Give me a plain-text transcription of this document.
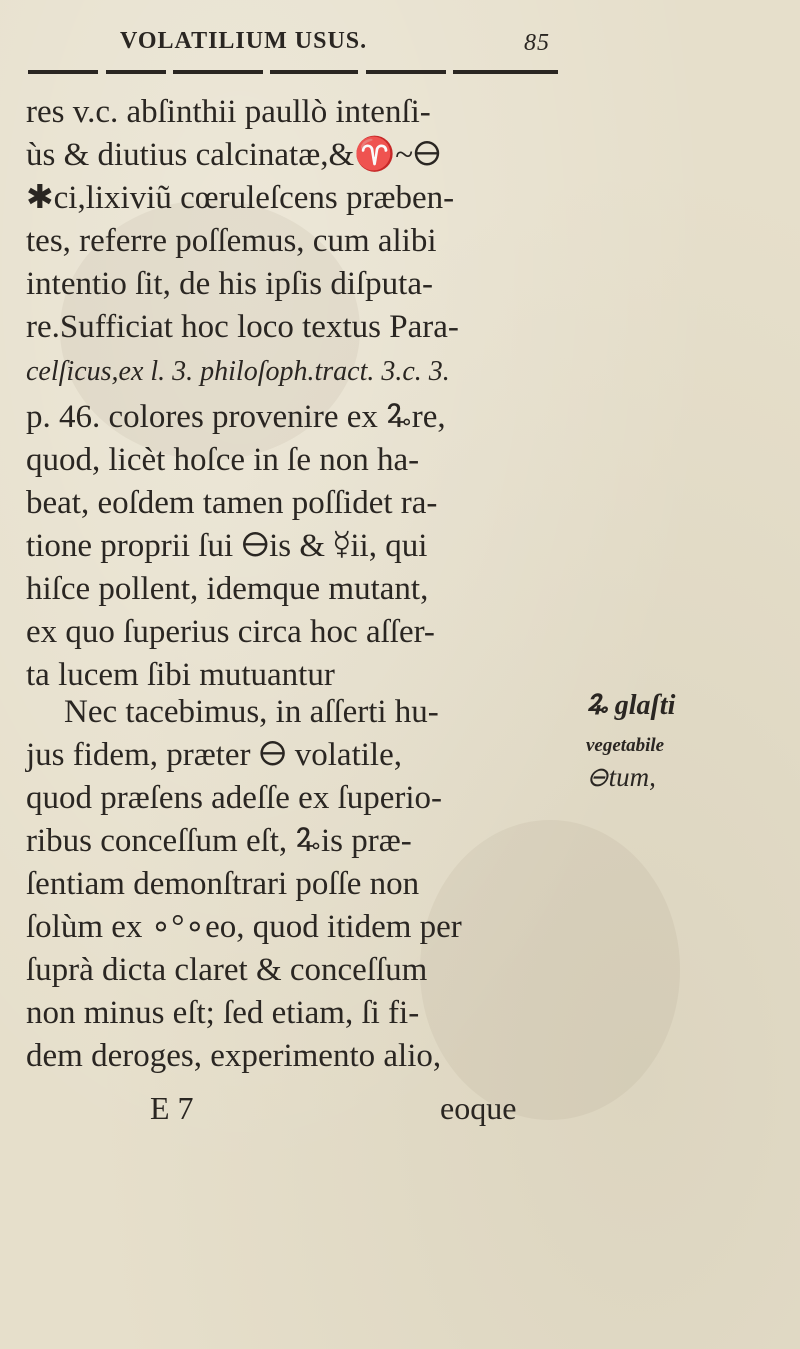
VOLATILIUM USUS.	85
res v.c. abſinthii paullò intenſi-
ùs & diutius calcinatæ,&♈~🜔
✱ci,lixiviũ cœruleſcens præben-
tes, referre poſſemus, cum alibi
intentio ſit, de his ipſis diſputa-
re.Sufficiat hoc loco textus Para-
celſicus,ex l. 3. philoſoph.tract. 3.c. 3.
p. 46. colores provenire ex 🜩re,
quod, licèt hoſce in ſe non ha-
beat, eoſdem tamen poſſidet ra-
tione proprii ſui 🜔is & ☿ii, qui
hiſce pollent, idemque mutant,
ex quo ſuperius circa hoc aſſer-
ta lucem ſibi mutuantur
Nec tacebimus, in aſſerti hu-
jus fidem, præter 🜔 volatile,
quod præſens adeſſe ex ſuperio-
ribus conceſſum eſt, 🜩is præ-
ſentiam demonſtrari poſſe non
ſolùm ex ∘°∘eo, quod itidem per
ſuprà dicta claret & conceſſum
non minus eſt; ſed etiam, ſi fi-
dem deroges, experimento alio,
🜩 glaſti
vegetabile
⊖tum,
E 7	eoque
